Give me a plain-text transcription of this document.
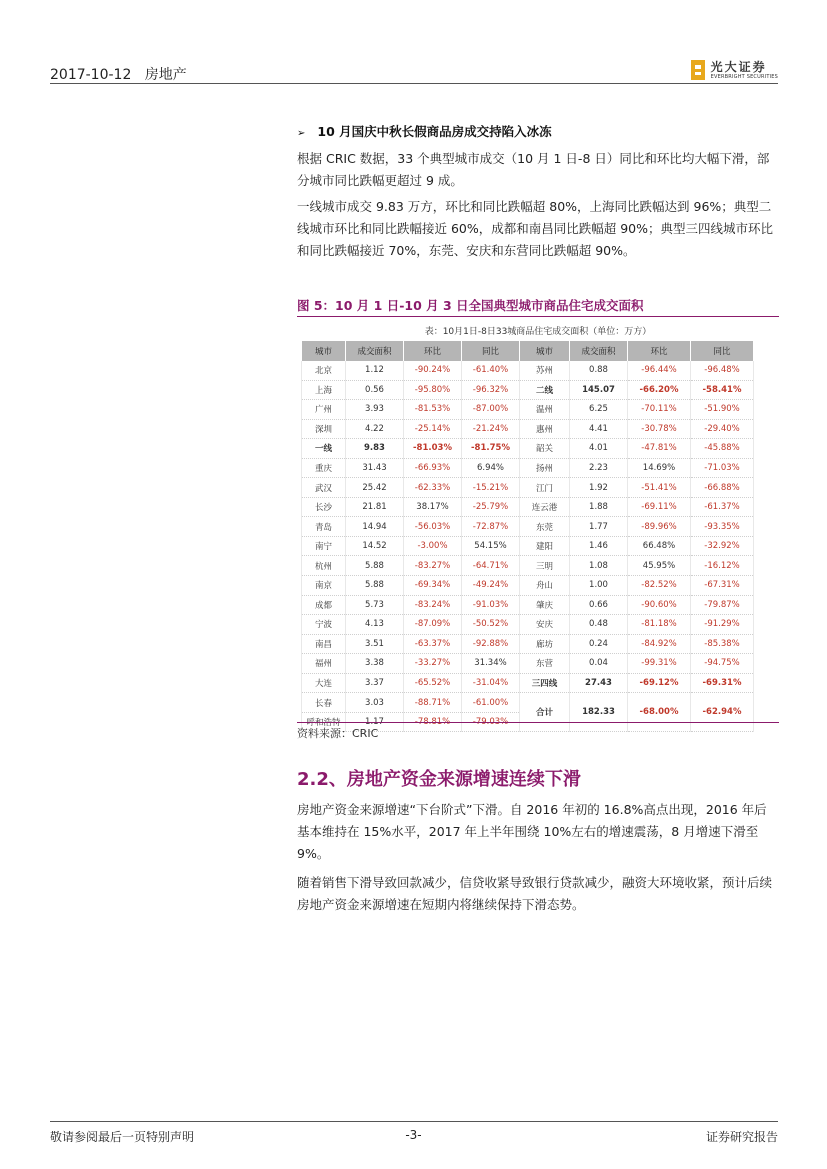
2017-10-12 房地产
光大证券
EVERBRIGHT SECURITIES
➢ 10 月国庆中秋长假商品房成交持陷入冰冻
根据 CRIC 数据，33 个典型城市成交（10 月 1 日-8 日）同比和环比均大幅下滑，部分城市同比跌幅更超过 9 成。
一线城市成交 9.83 万方，环比和同比跌幅超 80%，上海同比跌幅达到 96%；典型二线城市环比和同比跌幅接近 60%，成都和南昌同比跌幅超 90%；典型三四线城市环比和同比跌幅接近 70%，东莞、安庆和东营同比跌幅超 90%。
图 5：10 月 1 日-10 月 3 日全国典型城市商品住宅成交面积
表：10月1日-8日33城商品住宅成交面积（单位：万方）
城市	成交面积	环比	同比	城市	成交面积	环比	同比
北京	1.12	-90.24%	-61.40%	苏州	0.88	-96.44%	-96.48%
上海	0.56	-95.80%	-96.32%	二线	145.07	-66.20%	-58.41%
广州	3.93	-81.53%	-87.00%	温州	6.25	-70.11%	-51.90%
深圳	4.22	-25.14%	-21.24%	惠州	4.41	-30.78%	-29.40%
一线	9.83	-81.03%	-81.75%	韶关	4.01	-47.81%	-45.88%
重庆	31.43	-66.93%	6.94%	扬州	2.23	14.69%	-71.03%
武汉	25.42	-62.33%	-15.21%	江门	1.92	-51.41%	-66.88%
长沙	21.81	38.17%	-25.79%	连云港	1.88	-69.11%	-61.37%
青岛	14.94	-56.03%	-72.87%	东莞	1.77	-89.96%	-93.35%
南宁	14.52	-3.00%	54.15%	建阳	1.46	66.48%	-32.92%
杭州	5.88	-83.27%	-64.71%	三明	1.08	45.95%	-16.12%
南京	5.88	-69.34%	-49.24%	舟山	1.00	-82.52%	-67.31%
成都	5.73	-83.24%	-91.03%	肇庆	0.66	-90.60%	-79.87%
宁波	4.13	-87.09%	-50.52%	安庆	0.48	-81.18%	-91.29%
南昌	3.51	-63.37%	-92.88%	廊坊	0.24	-84.92%	-85.38%
福州	3.38	-33.27%	31.34%	东营	0.04	-99.31%	-94.75%
大连	3.37	-65.52%	-31.04%	三四线	27.43	-69.12%	-69.31%
长春	3.03	-88.71%	-61.00%	合计	182.33	-68.00%	-62.94%
呼和浩特	1.17	-78.81%	-79.03%				
资料来源：CRIC
2.2、房地产资金来源增速连续下滑
房地产资金来源增速“下台阶式”下滑。自 2016 年初的 16.8%高点出现，2016 年后基本维持在 15%水平，2017 年上半年围绕 10%左右的增速震荡，8 月增速下滑至 9%。
随着销售下滑导致回款减少，信贷收紧导致银行贷款减少，融资大环境收紧，预计后续房地产资金来源增速在短期内将继续保持下滑态势。
敬请参阅最后一页特别声明	-3-	证券研究报告
